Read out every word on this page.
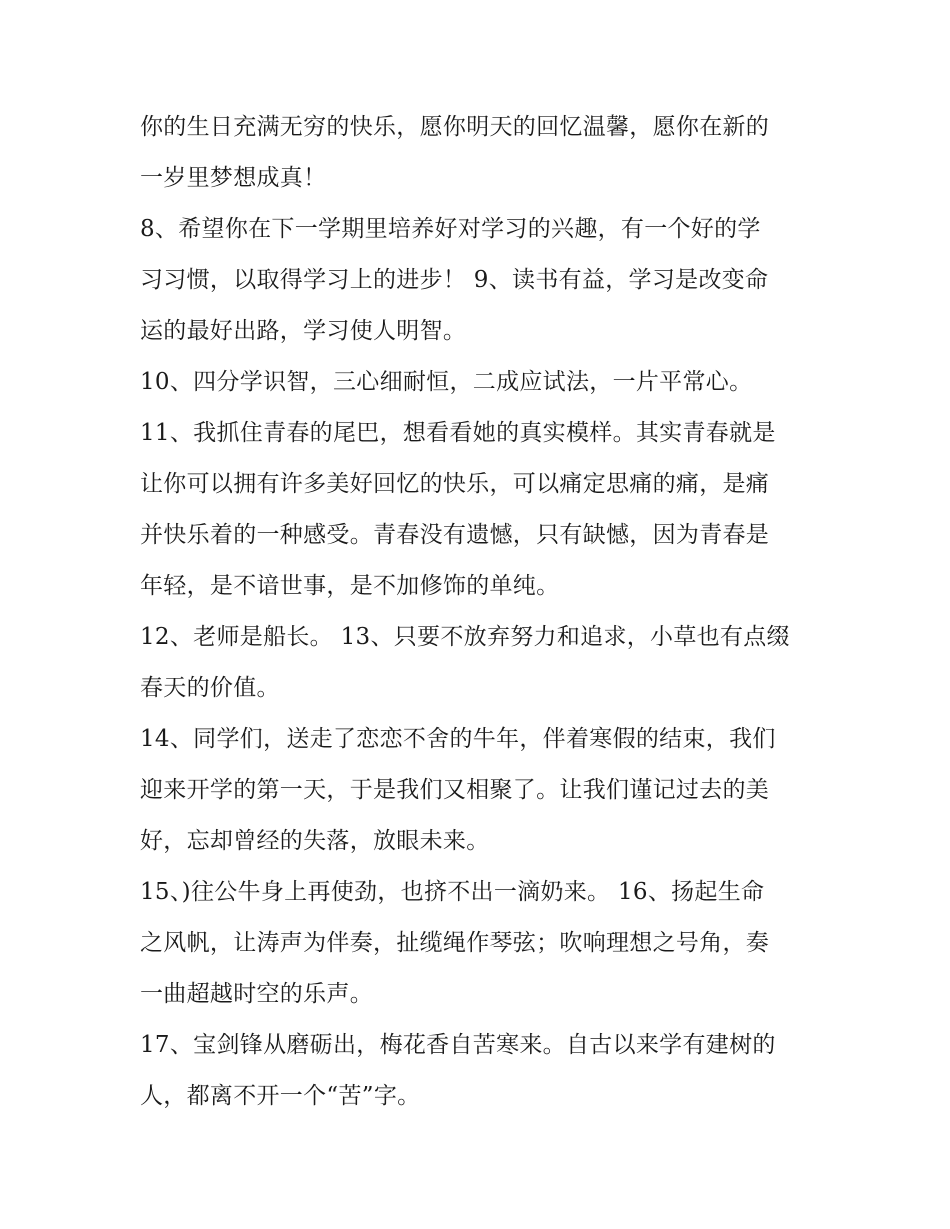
你的生日充满无穷的快乐，愿你明天的回忆温馨，愿你在新的
一岁里梦想成真！
8、希望你在下一学期里培养好对学习的兴趣，有一个好的学
习习惯，以取得学习上的进步！ 9、读书有益，学习是改变命
运的最好出路，学习使人明智。
10、四分学识智，三心细耐恒，二成应试法，一片平常心。
11、我抓住青春的尾巴，想看看她的真实模样。其实青春就是
让你可以拥有许多美好回忆的快乐，可以痛定思痛的痛，是痛
并快乐着的一种感受。青春没有遗憾，只有缺憾，因为青春是
年轻，是不谙世事，是不加修饰的单纯。
12、老师是船长。 13、只要不放弃努力和追求，小草也有点缀
春天的价值。
14、同学们，送走了恋恋不舍的牛年，伴着寒假的结束，我们
迎来开学的第一天，于是我们又相聚了。让我们谨记过去的美
好，忘却曾经的失落，放眼未来。
15、)往公牛身上再使劲，也挤不出一滴奶来。 16、扬起生命
之风帆，让涛声为伴奏，扯缆绳作琴弦；吹响理想之号角，奏
一曲超越时空的乐声。
17、宝剑锋从磨砺出，梅花香自苦寒来。自古以来学有建树的
人，都离不开一个“苦”字。
